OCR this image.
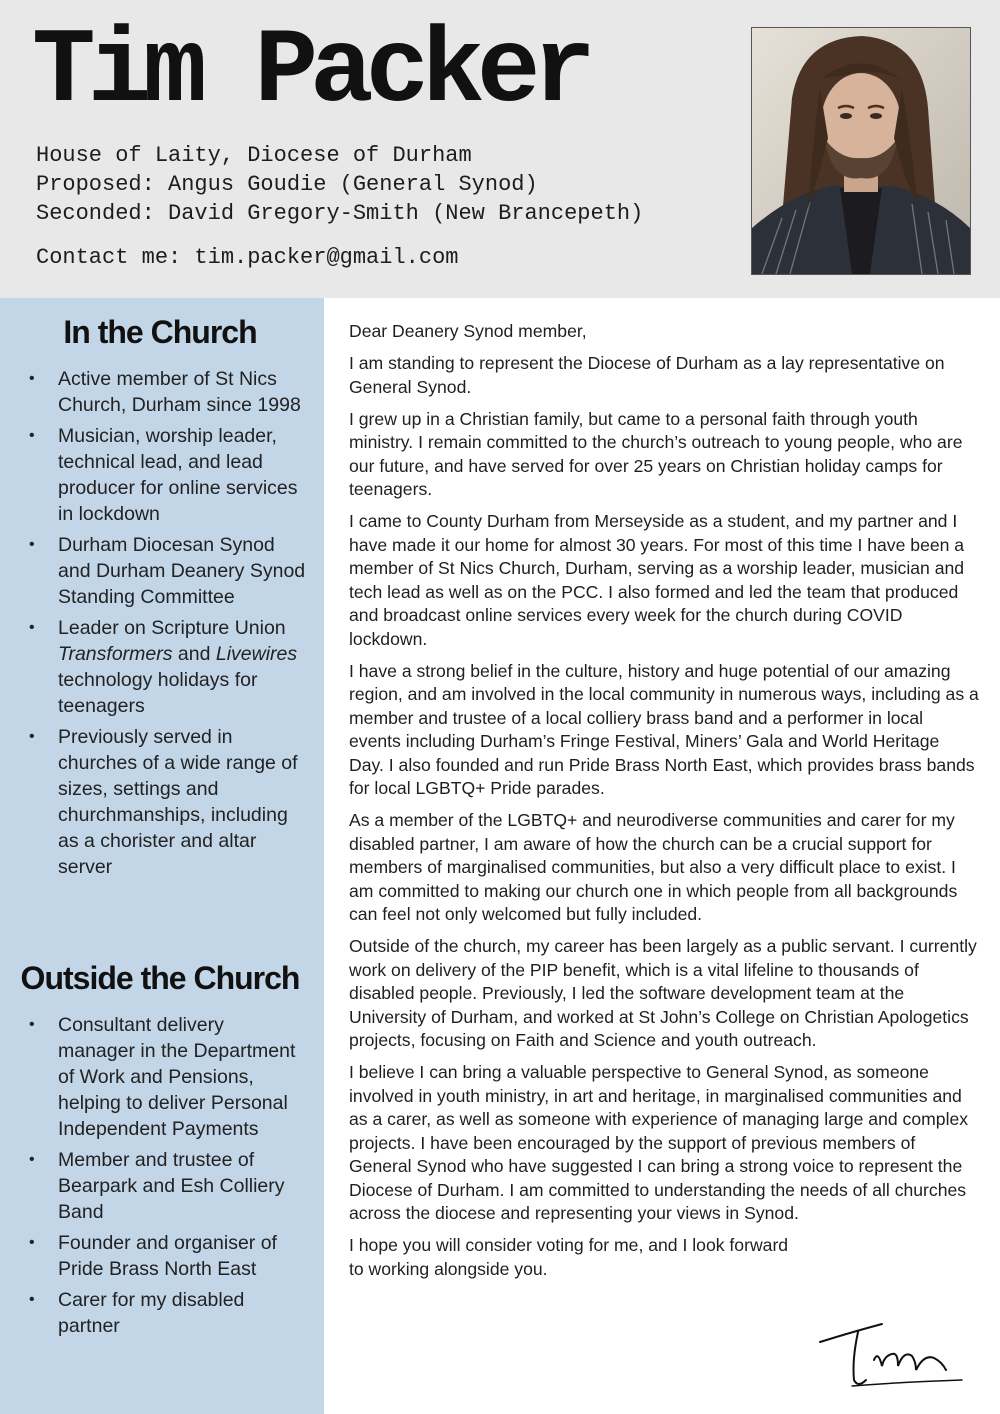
Tim Packer
House of Laity, Diocese of Durham
Proposed: Angus Goudie (General Synod)
Seconded: David Gregory-Smith (New Brancepeth)
Contact me: tim.packer@gmail.com
In the Church
• Active member of St Nics Church, Durham since 1998
• Musician, worship leader, technical lead, and lead producer for online services in lockdown
• Durham Diocesan Synod and Durham Deanery Synod Standing Committee
• Leader on Scripture Union Transformers and Livewires technology holidays for teenagers
• Previously served in churches of a wide range of sizes, settings and churchmanships, including as a chorister and altar server
Outside the Church
• Consultant delivery manager in the Department of Work and Pensions, helping to deliver Personal Independent Payments
• Member and trustee of Bearpark and Esh Colliery Band
• Founder and organiser of Pride Brass North East
• Carer for my disabled partner

Dear Deanery Synod member,

I am standing to represent the Diocese of Durham as a lay representative on General Synod.

I grew up in a Christian family, but came to a personal faith through youth ministry. I remain committed to the church’s outreach to young people, who are our future, and have served for over 25 years on Christian holiday camps for teenagers.

I came to County Durham from Merseyside as a student, and my partner and I have made it our home for almost 30 years. For most of this time I have been a member of St Nics Church, Durham, serving as a worship leader, musician and tech lead as well as on the PCC. I also formed and led the team that produced and broadcast online services every week for the church during COVID lockdown.

I have a strong belief in the culture, history and huge potential of our amazing region, and am involved in the local community in numerous ways, including as a member and trustee of a local colliery brass band and a performer in local events including Durham’s Fringe Festival, Miners’ Gala and World Heritage Day. I also founded and run Pride Brass North East, which provides brass bands for local LGBTQ+ Pride parades.

As a member of the LGBTQ+ and neurodiverse communities and carer for my disabled partner, I am aware of how the church can be a crucial support for members of marginalised communities, but also a very difficult place to exist. I am committed to making our church one in which people from all backgrounds can feel not only welcomed but fully included.

Outside of the church, my career has been largely as a public servant. I currently work on delivery of the PIP benefit, which is a vital lifeline to thousands of disabled people. Previously, I led the software development team at the University of Durham, and worked at St John’s College on Christian Apologetics projects, focusing on Faith and Science and youth outreach.

I believe I can bring a valuable perspective to General Synod, as someone involved in youth ministry, in art and heritage, in marginalised communities and as a carer, as well as someone with experience of managing large and complex projects. I have been encouraged by the support of previous members of General Synod who have suggested I can bring a strong voice to represent the Diocese of Durham. I am committed to understanding the needs of all churches across the diocese and representing your views in Synod.

I hope you will consider voting for me, and I look forward to working alongside you.
